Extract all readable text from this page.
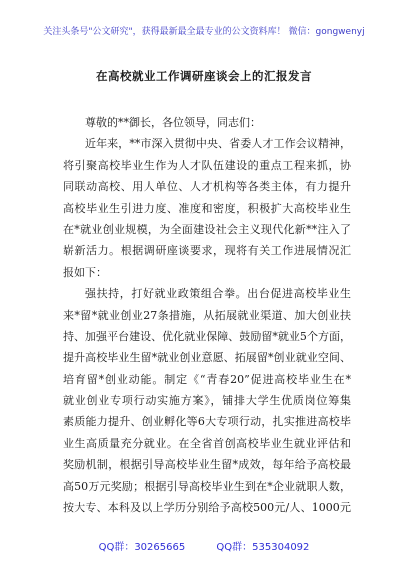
关注头条号"公文研究"，获得最新最全最专业的公文资料库！ 微信：gongwenyj
在高校就业工作调研座谈会上的汇报发言
尊敬的**御长，各位领导，同志们：
近年来，**市深入贯彻中央、省委人才工作会议精神，
将引聚高校毕业生作为人才队伍建设的重点工程来抓，协
同联动高校、用人单位、人才机构等各类主体，有力提升
高校毕业生引进力度、准度和密度，积极扩大高校毕业生
在*就业创业规模，为全面建设社会主义现代化新**注入了
崭新活力。根据调研座谈要求，现将有关工作进展情况汇
报如下：
强扶持，打好就业政策组合拳。出台促进高校毕业生
来*留*就业创业27条措施，从拓展就业渠道、加大创业扶
持、加强平台建设、优化就业保障、鼓励留*就业5个方面，
提升高校毕业生留*就业创业意愿、拓展留*创业就业空间、
培育留*创业动能。制定《“青春20”促进高校毕业生在*
就业创业专项行动实施方案》，铺排大学生优质岗位筹集
素质能力提升、创业孵化等6大专项行动，扎实推进高校毕
业生高质量充分就业。在全省首创高校毕业生就业评估和
奖励机制，根据引导高校毕业生留*成效，每年给予高校最
高50万元奖励；根据引导高校毕业生到在*企业就职人数，
按大专、本科及以上学历分别给予高校500元/人、1000元
QQ群：30265665	QQ群：535304092
